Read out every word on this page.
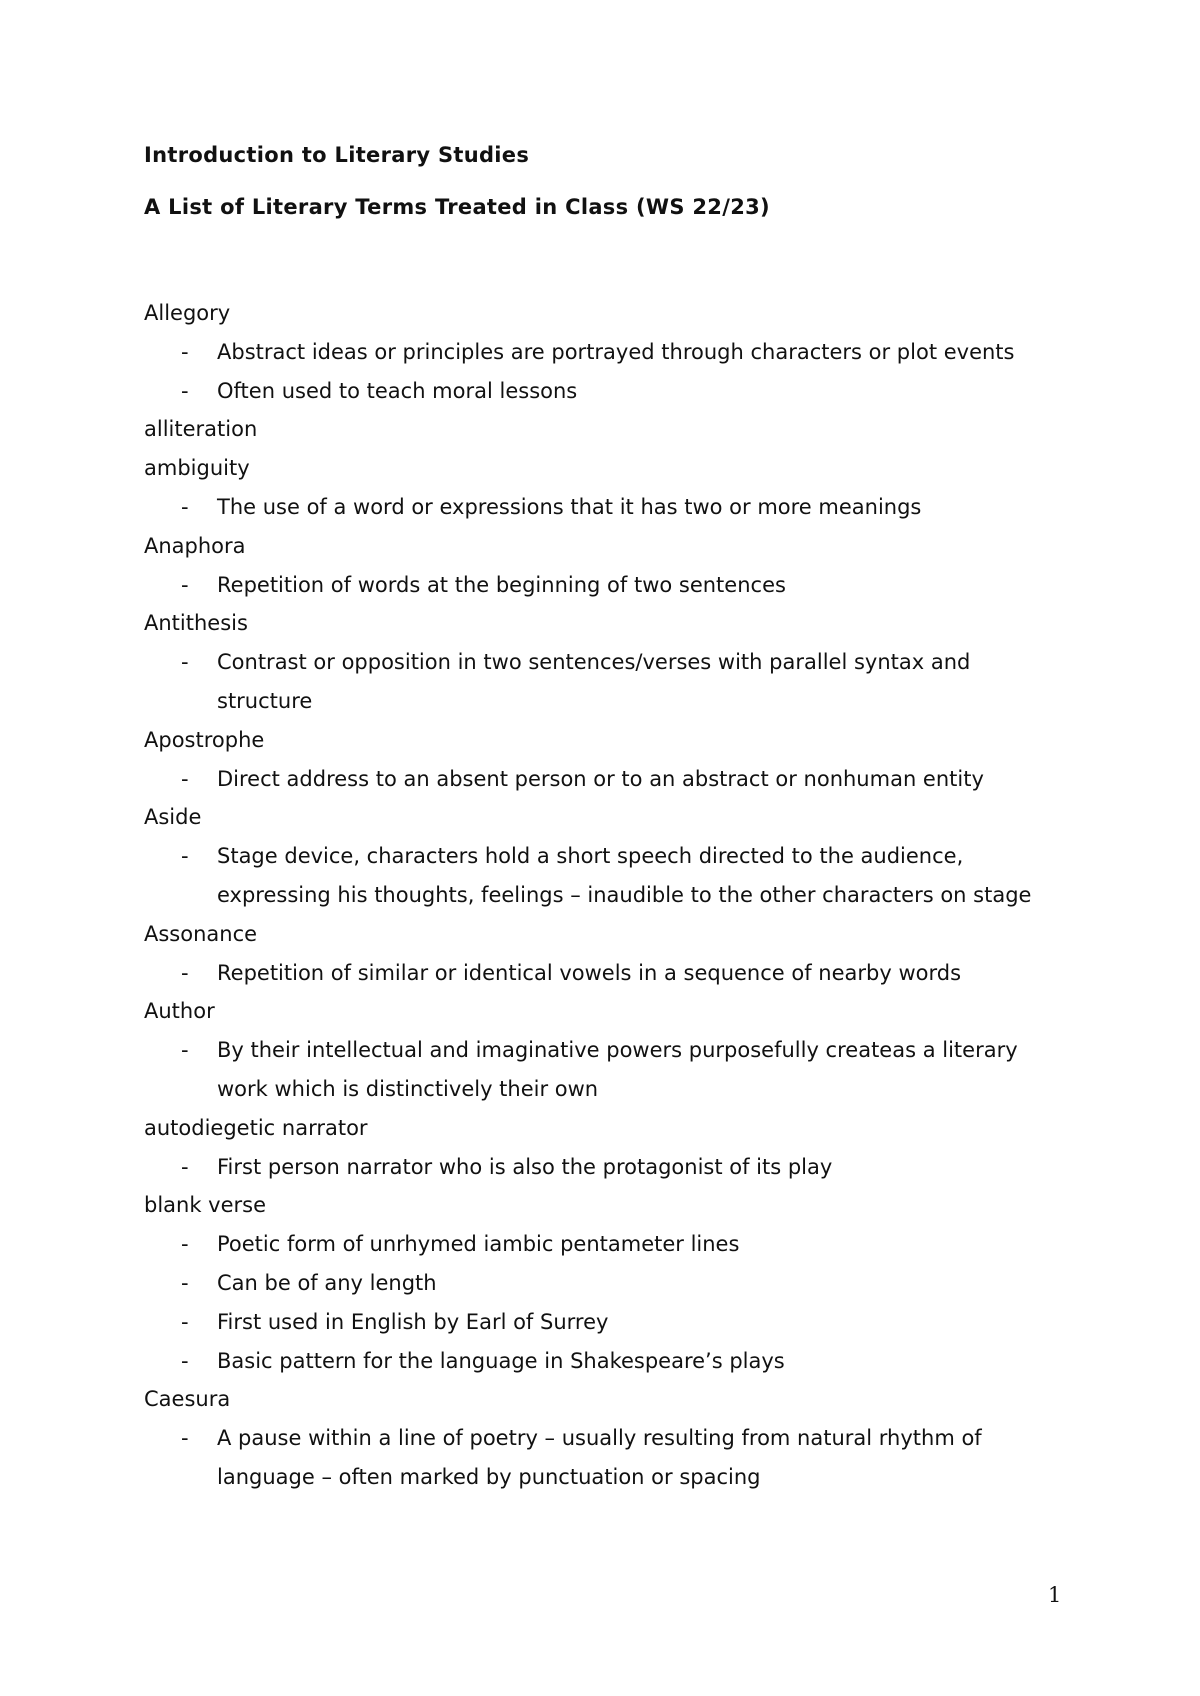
Introduction to Literary Studies
A List of Literary Terms Treated in Class (WS 22/23)
Allegory
- Abstract ideas or principles are portrayed through characters or plot events
- Often used to teach moral lessons
alliteration
ambiguity
- The use of a word or expressions that it has two or more meanings
Anaphora
- Repetition of words at the beginning of two sentences
Antithesis
- Contrast or opposition in two sentences/verses with parallel syntax and structure
Apostrophe
- Direct address to an absent person or to an abstract or nonhuman entity
Aside
- Stage device, characters hold a short speech directed to the audience, expressing his thoughts, feelings – inaudible to the other characters on stage
Assonance
- Repetition of similar or identical vowels in a sequence of nearby words
Author
- By their intellectual and imaginative powers purposefully createas a literary work which is distinctively their own
autodiegetic narrator
- First person narrator who is also the protagonist of its play
blank verse
- Poetic form of unrhymed iambic pentameter lines
- Can be of any length
- First used in English by Earl of Surrey
- Basic pattern for the language in Shakespeare’s plays
Caesura
- A pause within a line of poetry – usually resulting from natural rhythm of language – often marked by punctuation or spacing
1
